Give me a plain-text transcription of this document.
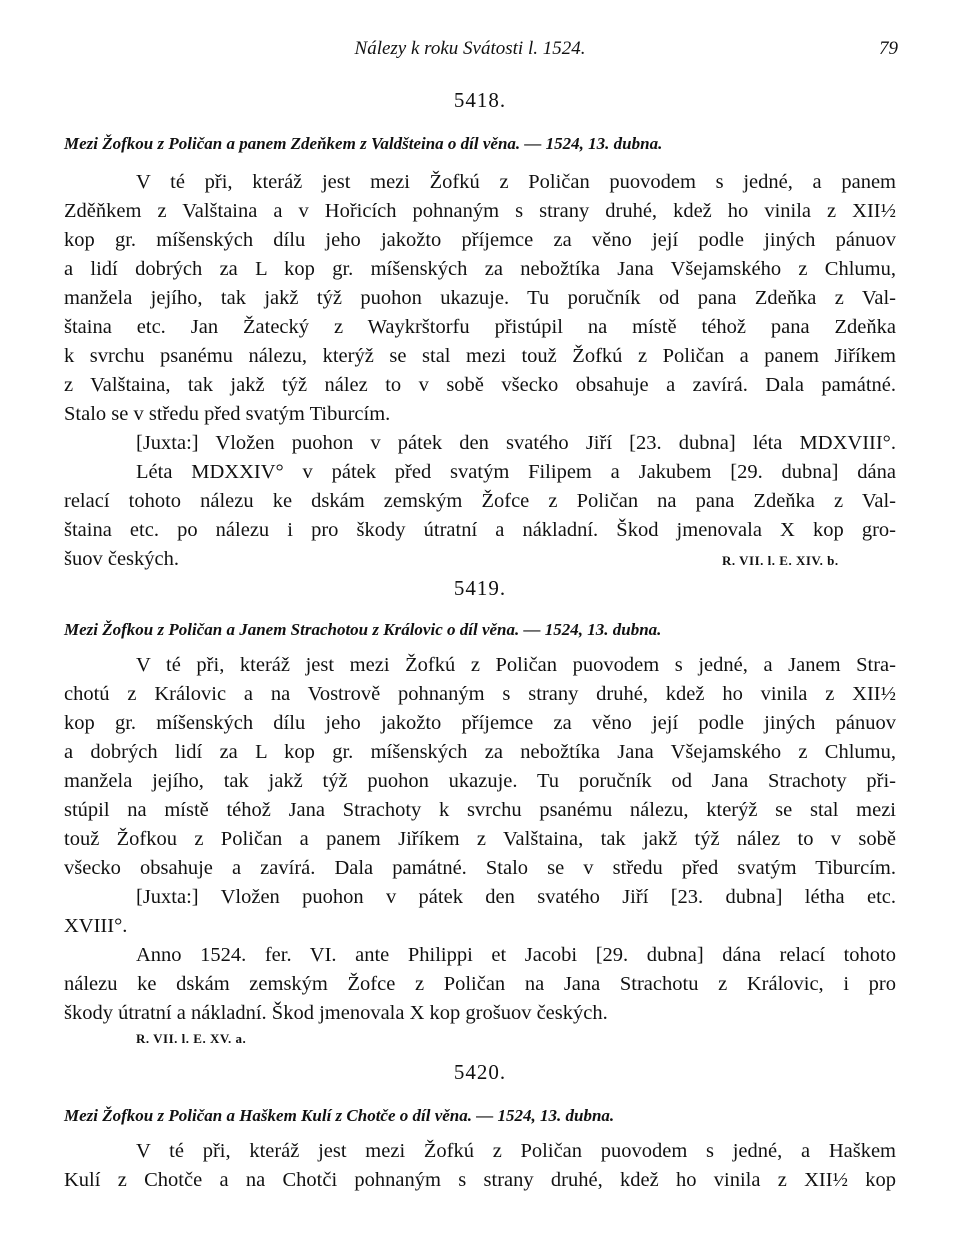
Nálezy k roku Svátosti l. 1524.	79
5418.
Mezi Žofkou z Poličan a panem Zdeňkem z Valdšteina o díl věna. — 1524, 13. dubna.
V té při, kteráž jest mezi Žofkú z Poličan puovodem s jedné, a panem
Zděňkem z Valštaina a v Hořicích pohnaným s strany druhé, kdež ho vinila z XII½
kop gr. míšenských dílu jeho jakožto příjemce za věno její podle jiných pánuov
a lidí dobrých za L kop gr. míšenských za nebožtíka Jana Všejamského z Chlumu,
manžela jejího, tak jakž týž puohon ukazuje. Tu poručník od pana Zdeňka z Val-
štaina etc. Jan Žatecký z Waykrštorfu přistúpil na místě téhož pana Zdeňka
k svrchu psanému nálezu, kterýž se stal mezi touž Žofkú z Poličan a panem Jiříkem
z Valštaina, tak jakž týž nález to v sobě všecko obsahuje a zavírá. Dala památné.
Stalo se v středu před svatým Tiburcím.
[Juxta:] Vložen puohon v pátek den svatého Jiří [23. dubna] léta MDXVIII°.
Léta MDXXIV° v pátek před svatým Filipem a Jakubem [29. dubna] dána
relací tohoto nálezu ke dskám zemským Žofce z Poličan na pana Zdeňka z Val-
štaina etc. po nálezu i pro škody útratní a nákladní. Škod jmenovala X kop gro-
šuov českých.	R. VII. l. E. XIV. b.
5419.
Mezi Žofkou z Poličan a Janem Strachotou z Královic o díl věna. — 1524, 13. dubna.
V té při, kteráž jest mezi Žofkú z Poličan puovodem s jedné, a Janem Stra-
chotú z Královic a na Vostrově pohnaným s strany druhé, kdež ho vinila z XII½
kop gr. míšenských dílu jeho jakožto příjemce za věno její podle jiných pánuov
a dobrých lidí za L kop gr. míšenských za nebožtíka Jana Všejamského z Chlumu,
manžela jejího, tak jakž týž puohon ukazuje. Tu poručník od Jana Strachoty při-
stúpil na místě téhož Jana Strachoty k svrchu psanému nálezu, kterýž se stal mezi
touž Žofkou z Poličan a panem Jiříkem z Valštaina, tak jakž týž nález to v sobě
všecko obsahuje a zavírá. Dala památné. Stalo se v středu před svatým Tiburcím.
[Juxta:] Vložen puohon v pátek den svatého Jiří [23. dubna] létha etc.
XVIII°.
Anno 1524. fer. VI. ante Philippi et Jacobi [29. dubna] dána relací tohoto
nálezu ke dskám zemským Žofce z Poličan na Jana Strachotu z Královic, i pro
škody útratní a nákladní. Škod jmenovala X kop grošuov českých.
R. VII. l. E. XV. a.
5420.
Mezi Žofkou z Poličan a Haškem Kulí z Chotče o díl věna. — 1524, 13. dubna.
V té při, kteráž jest mezi Žofkú z Poličan puovodem s jedné, a Haškem
Kulí z Chotče a na Chotči pohnaným s strany druhé, kdež ho vinila z XII½ kop
